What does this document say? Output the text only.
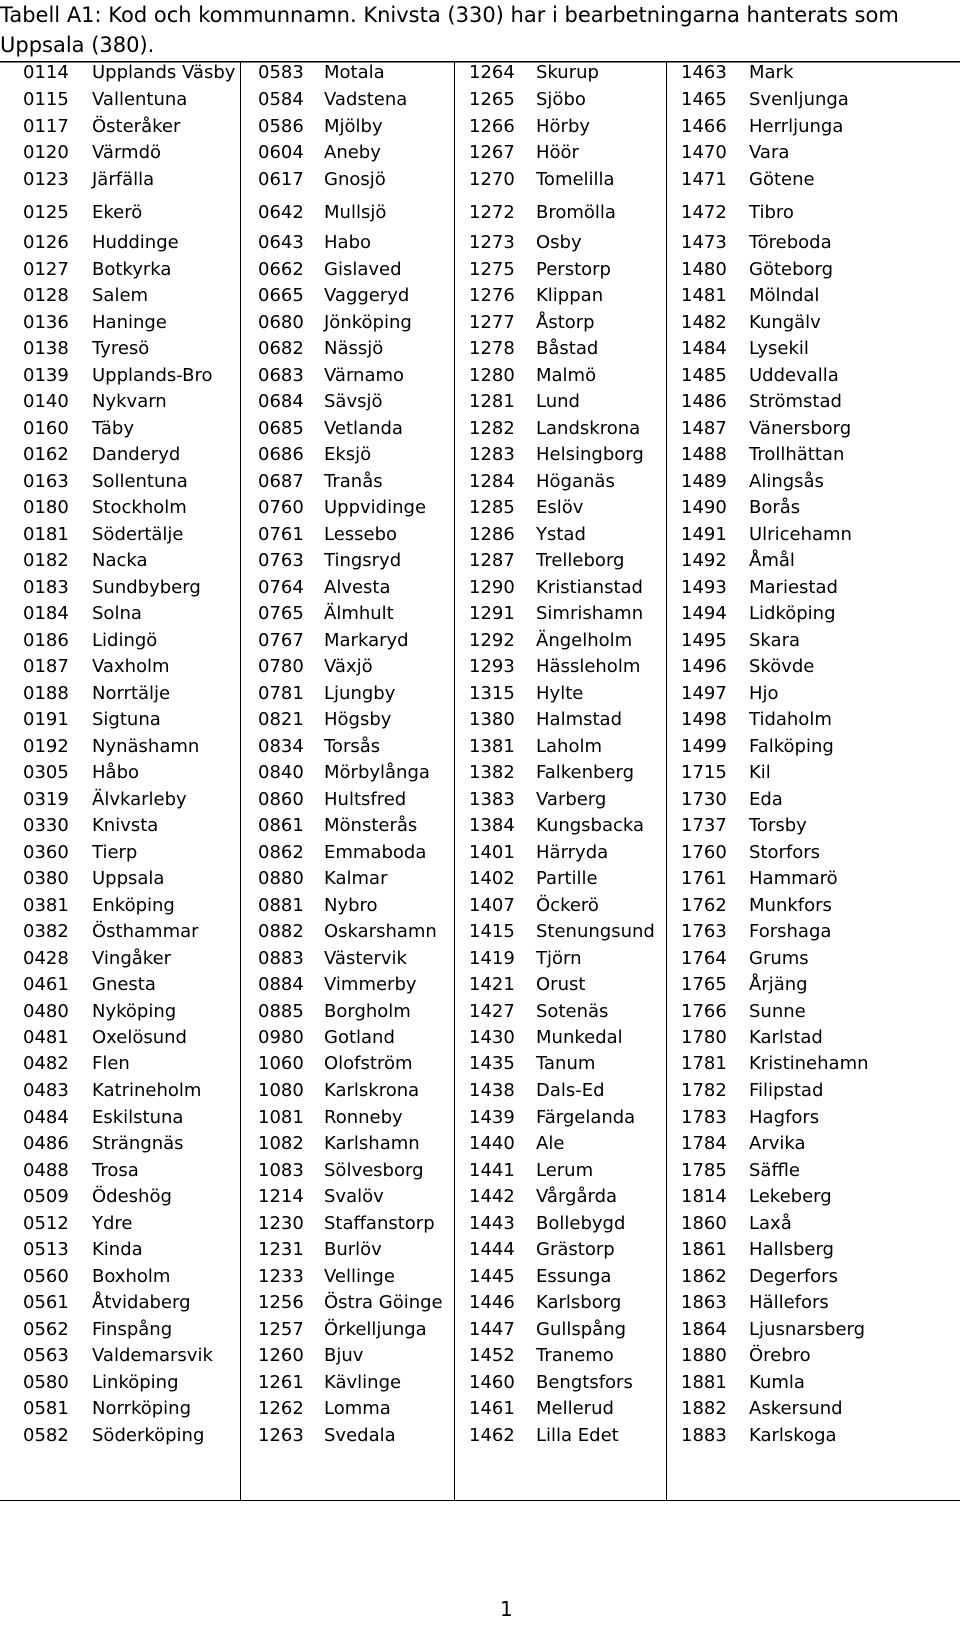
Tabell A1: Kod och kommunnamn. Knivsta (330) har i bearbetningarna hanterats som Uppsala (380).
0114 Upplands Väsby
0115 Vallentuna
0117 Österåker
0120 Värmdö
0123 Järfälla
0125 Ekerö
0126 Huddinge
0127 Botkyrka
0128 Salem
0136 Haninge
0138 Tyresö
0139 Upplands-Bro
0140 Nykvarn
0160 Täby
0162 Danderyd
0163 Sollentuna
0180 Stockholm
0181 Södertälje
0182 Nacka
0183 Sundbyberg
0184 Solna
0186 Lidingö
0187 Vaxholm
0188 Norrtälje
0191 Sigtuna
0192 Nynäshamn
0305 Håbo
0319 Älvkarleby
0330 Knivsta
0360 Tierp
0380 Uppsala
0381 Enköping
0382 Östhammar
0428 Vingåker
0461 Gnesta
0480 Nyköping
0481 Oxelösund
0482 Flen
0483 Katrineholm
0484 Eskilstuna
0486 Strängnäs
0488 Trosa
0509 Ödeshög
0512 Ydre
0513 Kinda
0560 Boxholm
0561 Åtvidaberg
0562 Finspång
0563 Valdemarsvik
0580 Linköping
0581 Norrköping
0582 Söderköping
0583 Motala
0584 Vadstena
0586 Mjölby
0604 Aneby
0617 Gnosjö
0642 Mullsjö
0643 Habo
0662 Gislaved
0665 Vaggeryd
0680 Jönköping
0682 Nässjö
0683 Värnamo
0684 Sävsjö
0685 Vetlanda
0686 Eksjö
0687 Tranås
0760 Uppvidinge
0761 Lessebo
0763 Tingsryd
0764 Alvesta
0765 Älmhult
0767 Markaryd
0780 Växjö
0781 Ljungby
0821 Högsby
0834 Torsås
0840 Mörbylånga
0860 Hultsfred
0861 Mönsterås
0862 Emmaboda
0880 Kalmar
0881 Nybro
0882 Oskarshamn
0883 Västervik
0884 Vimmerby
0885 Borgholm
0980 Gotland
1060 Olofström
1080 Karlskrona
1081 Ronneby
1082 Karlshamn
1083 Sölvesborg
1214 Svalöv
1230 Staffanstorp
1231 Burlöv
1233 Vellinge
1256 Östra Göinge
1257 Örkelljunga
1260 Bjuv
1261 Kävlinge
1262 Lomma
1263 Svedala
1264 Skurup
1265 Sjöbo
1266 Hörby
1267 Höör
1270 Tomelilla
1272 Bromölla
1273 Osby
1275 Perstorp
1276 Klippan
1277 Åstorp
1278 Båstad
1280 Malmö
1281 Lund
1282 Landskrona
1283 Helsingborg
1284 Höganäs
1285 Eslöv
1286 Ystad
1287 Trelleborg
1290 Kristianstad
1291 Simrishamn
1292 Ängelholm
1293 Hässleholm
1315 Hylte
1380 Halmstad
1381 Laholm
1382 Falkenberg
1383 Varberg
1384 Kungsbacka
1401 Härryda
1402 Partille
1407 Öckerö
1415 Stenungsund
1419 Tjörn
1421 Orust
1427 Sotenäs
1430 Munkedal
1435 Tanum
1438 Dals-Ed
1439 Färgelanda
1440 Ale
1441 Lerum
1442 Vårgårda
1443 Bollebygd
1444 Grästorp
1445 Essunga
1446 Karlsborg
1447 Gullspång
1452 Tranemo
1460 Bengtsfors
1461 Mellerud
1462 Lilla Edet
1463 Mark
1465 Svenljunga
1466 Herrljunga
1470 Vara
1471 Götene
1472 Tibro
1473 Töreboda
1480 Göteborg
1481 Mölndal
1482 Kungälv
1484 Lysekil
1485 Uddevalla
1486 Strömstad
1487 Vänersborg
1488 Trollhättan
1489 Alingsås
1490 Borås
1491 Ulricehamn
1492 Åmål
1493 Mariestad
1494 Lidköping
1495 Skara
1496 Skövde
1497 Hjo
1498 Tidaholm
1499 Falköping
1715 Kil
1730 Eda
1737 Torsby
1760 Storfors
1761 Hammarö
1762 Munkfors
1763 Forshaga
1764 Grums
1765 Årjäng
1766 Sunne
1780 Karlstad
1781 Kristinehamn
1782 Filipstad
1783 Hagfors
1784 Arvika
1785 Säffle
1814 Lekeberg
1860 Laxå
1861 Hallsberg
1862 Degerfors
1863 Hällefors
1864 Ljusnarsberg
1880 Örebro
1881 Kumla
1882 Askersund
1883 Karlskoga
1
